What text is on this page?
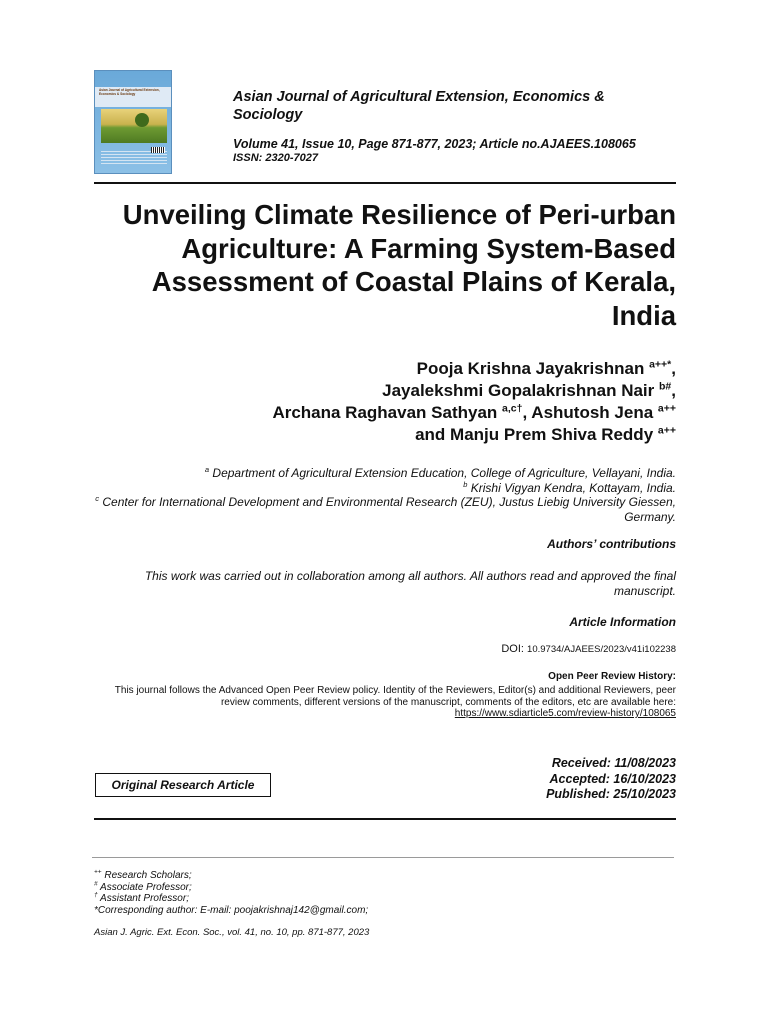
Asian Journal of Agricultural Extension, Economics & Sociology	Asian Journal of Agricultural Extension, Economics & Sociology
Volume 41, Issue 10, Page 871-877, 2023; Article no.AJAEES.108065
ISSN: 2320-7027
Unveiling Climate Resilience of Peri-urban Agriculture: A Farming System-Based Assessment of Coastal Plains of Kerala, India
Pooja Krishna Jayakrishnan $^{a++*}$,
Jayalekshmi Gopalakrishnan Nair $^{b\#}$,
Archana Raghavan Sathyan $^{a,c\dagger}$, Ashutosh Jena $^{a++}$
and Manju Prem Shiva Reddy $^{a++}$
$^a$ Department of Agricultural Extension Education, College of Agriculture, Vellayani, India.
$^b$ Krishi Vigyan Kendra, Kottayam, India.
$^c$ Center for International Development and Environmental Research (ZEU), Justus Liebig University Giessen, Germany.
Authors’ contributions
This work was carried out in collaboration among all authors. All authors read and approved the final manuscript.
Article Information
DOI: 10.9734/AJAEES/2023/v41i102238
Open Peer Review History:
This journal follows the Advanced Open Peer Review policy. Identity of the Reviewers, Editor(s) and additional Reviewers, peer review comments, different versions of the manuscript, comments of the editors, etc are available here:
https://www.sdiarticle5.com/review-history/108065
Original Research Article
Received: 11/08/2023
Accepted: 16/10/2023
Published: 25/10/2023
++ Research Scholars;
# Associate Professor;
† Assistant Professor;
*Corresponding author: E-mail: poojakrishnaj142@gmail.com;
Asian J. Agric. Ext. Econ. Soc., vol. 41, no. 10, pp. 871-877, 2023
